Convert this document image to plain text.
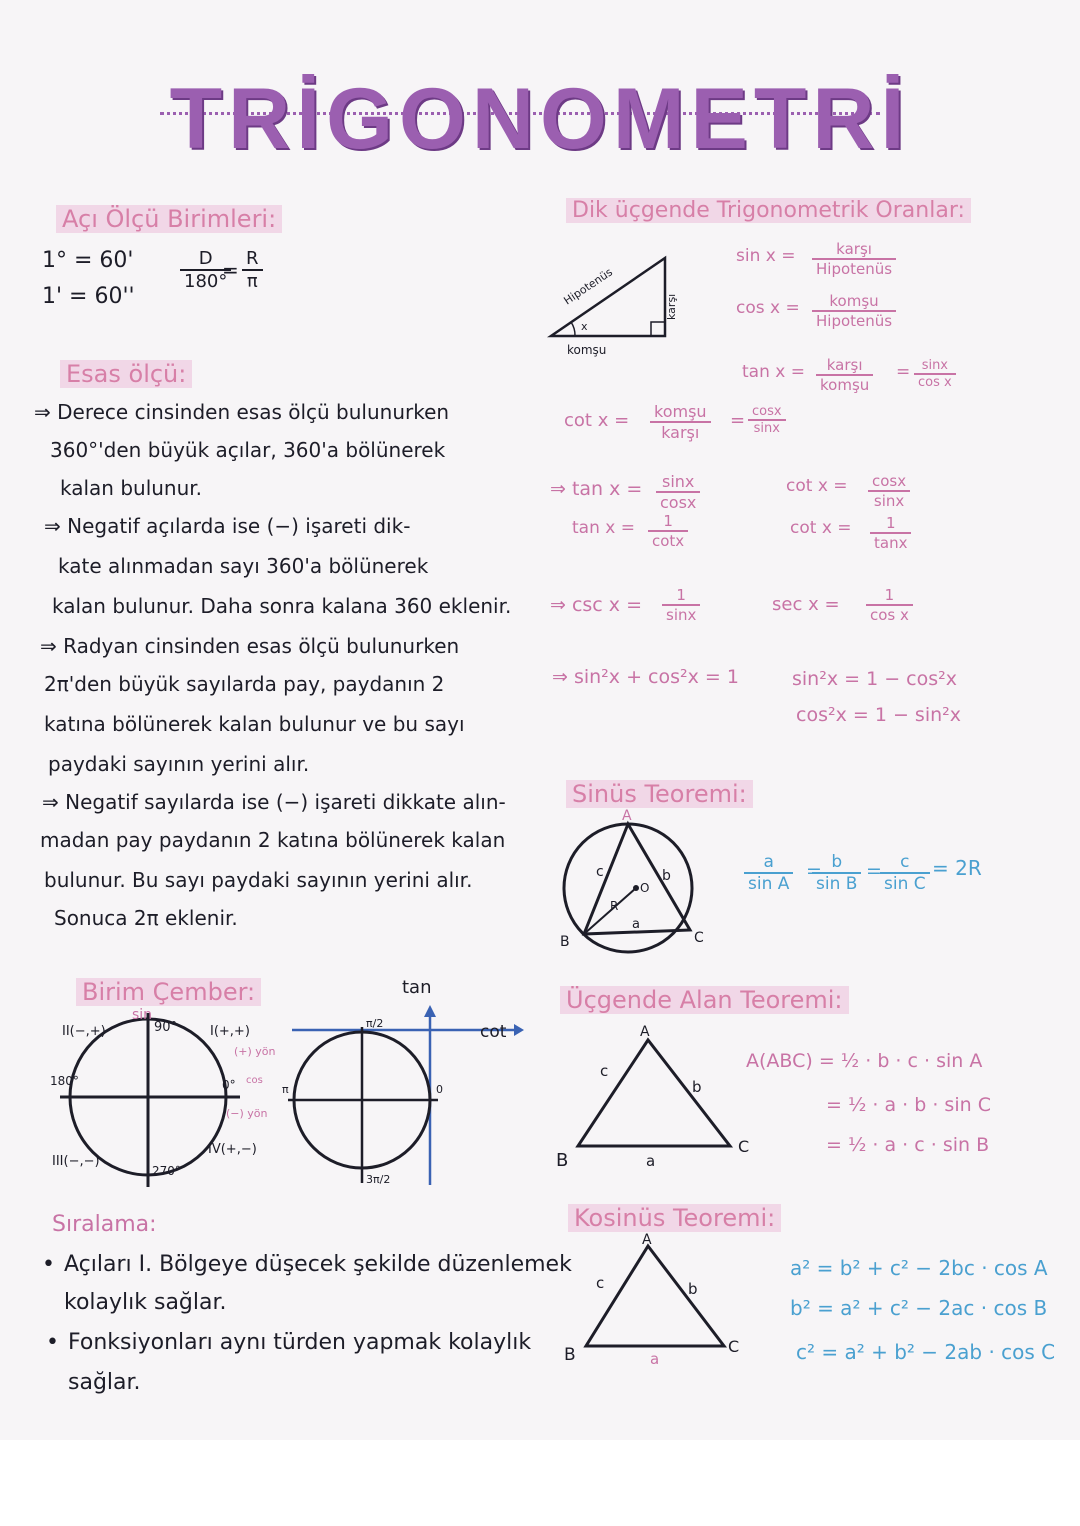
TRİGONOMETRİ
Açı Ölçü Birimleri:
1° = 60'
1' = 60''
$\frac{D}{180^\circ}$
= $\frac{R}{\pi}$
Esas ölçü:
⇒ Derece cinsinden esas ölçü bulunurken
360°'den büyük açılar, 360'a bölünerek
kalan bulunur.
⇒ Negatif açılarda ise (−) işareti dik-
kate alınmadan sayı 360'a bölünerek
kalan bulunur. Daha sonra kalana 360 eklenir.
⇒ Radyan cinsinden esas ölçü bulunurken
2π'den büyük sayılarda pay, paydanın 2
katına bölünerek kalan bulunur ve bu sayı
paydaki sayının yerini alır.
⇒ Negatif sayılarda ise (−) işareti dikkate alın-
madan pay paydanın 2 katına bölünerek kalan
bulunur. Bu sayı paydaki sayının yerini alır.
Sonuca 2π eklenir.
Birim Çember:
sin
II(−,+)	I(+,+)
90°
180°	0°
(+) yön
cos
(−) yön
III(−,−)
IV(+,−)
270°
tan
cot
π/2
π	0
3π/2
Sıralama:
• Açıları I. Bölgeye düşecek şekilde düzenlemek
kolaylık sağlar.
• Fonksiyonları aynı türden yapmak kolaylık
sağlar.
Dik üçgende Trigonometrik Oranlar:
x
Hipotenüs	karşı
komşu
sin x =	karşı
Hipotenüs
cos x =	komşu
Hipotenüs
tan x =	karşı
komşu
= $\frac{\sin x}{\text{cos x}}$
cot x = komşu
karşı
= $\frac{\cos x}{\sin x}$
⇒ $\tan x = \frac{\sin x}{\cos x}$	$\cot x = \frac{\cos x}{\sin x}$
$\tan x = \frac{1}{\cot x}$	$\cot x = \frac{1}{\tan x}$
⇒ $\csc x = \frac{1}{\sin x}$	$\sec x = \frac{1}{\text{cos x}}$
⇒ sin²x + cos²x = 1	sin²x = 1 − cos²x
cos²x = 1 − sin²x
Sinüs Teoremi:
A
B	C
c	b
a
R
O	$\frac{a}{\text{sin A}}$ =
$\frac{b}{\text{sin B}}$ =
$\frac{c}{\text{sin C}} = 2R$
Üçgende Alan Teoremi:
A
B
C
c
b
a
A(ABC) = ½ · b · c · sin A
= ½ · a · b · sin C
= ½ · a · c · sin B
Kosinüs Teoremi:
A
B	C
c	b
a
a² = b² + c² − 2bc · cos A
b² = a² + c² − 2ac · cos B
c² = a² + b² − 2ab · cos C
